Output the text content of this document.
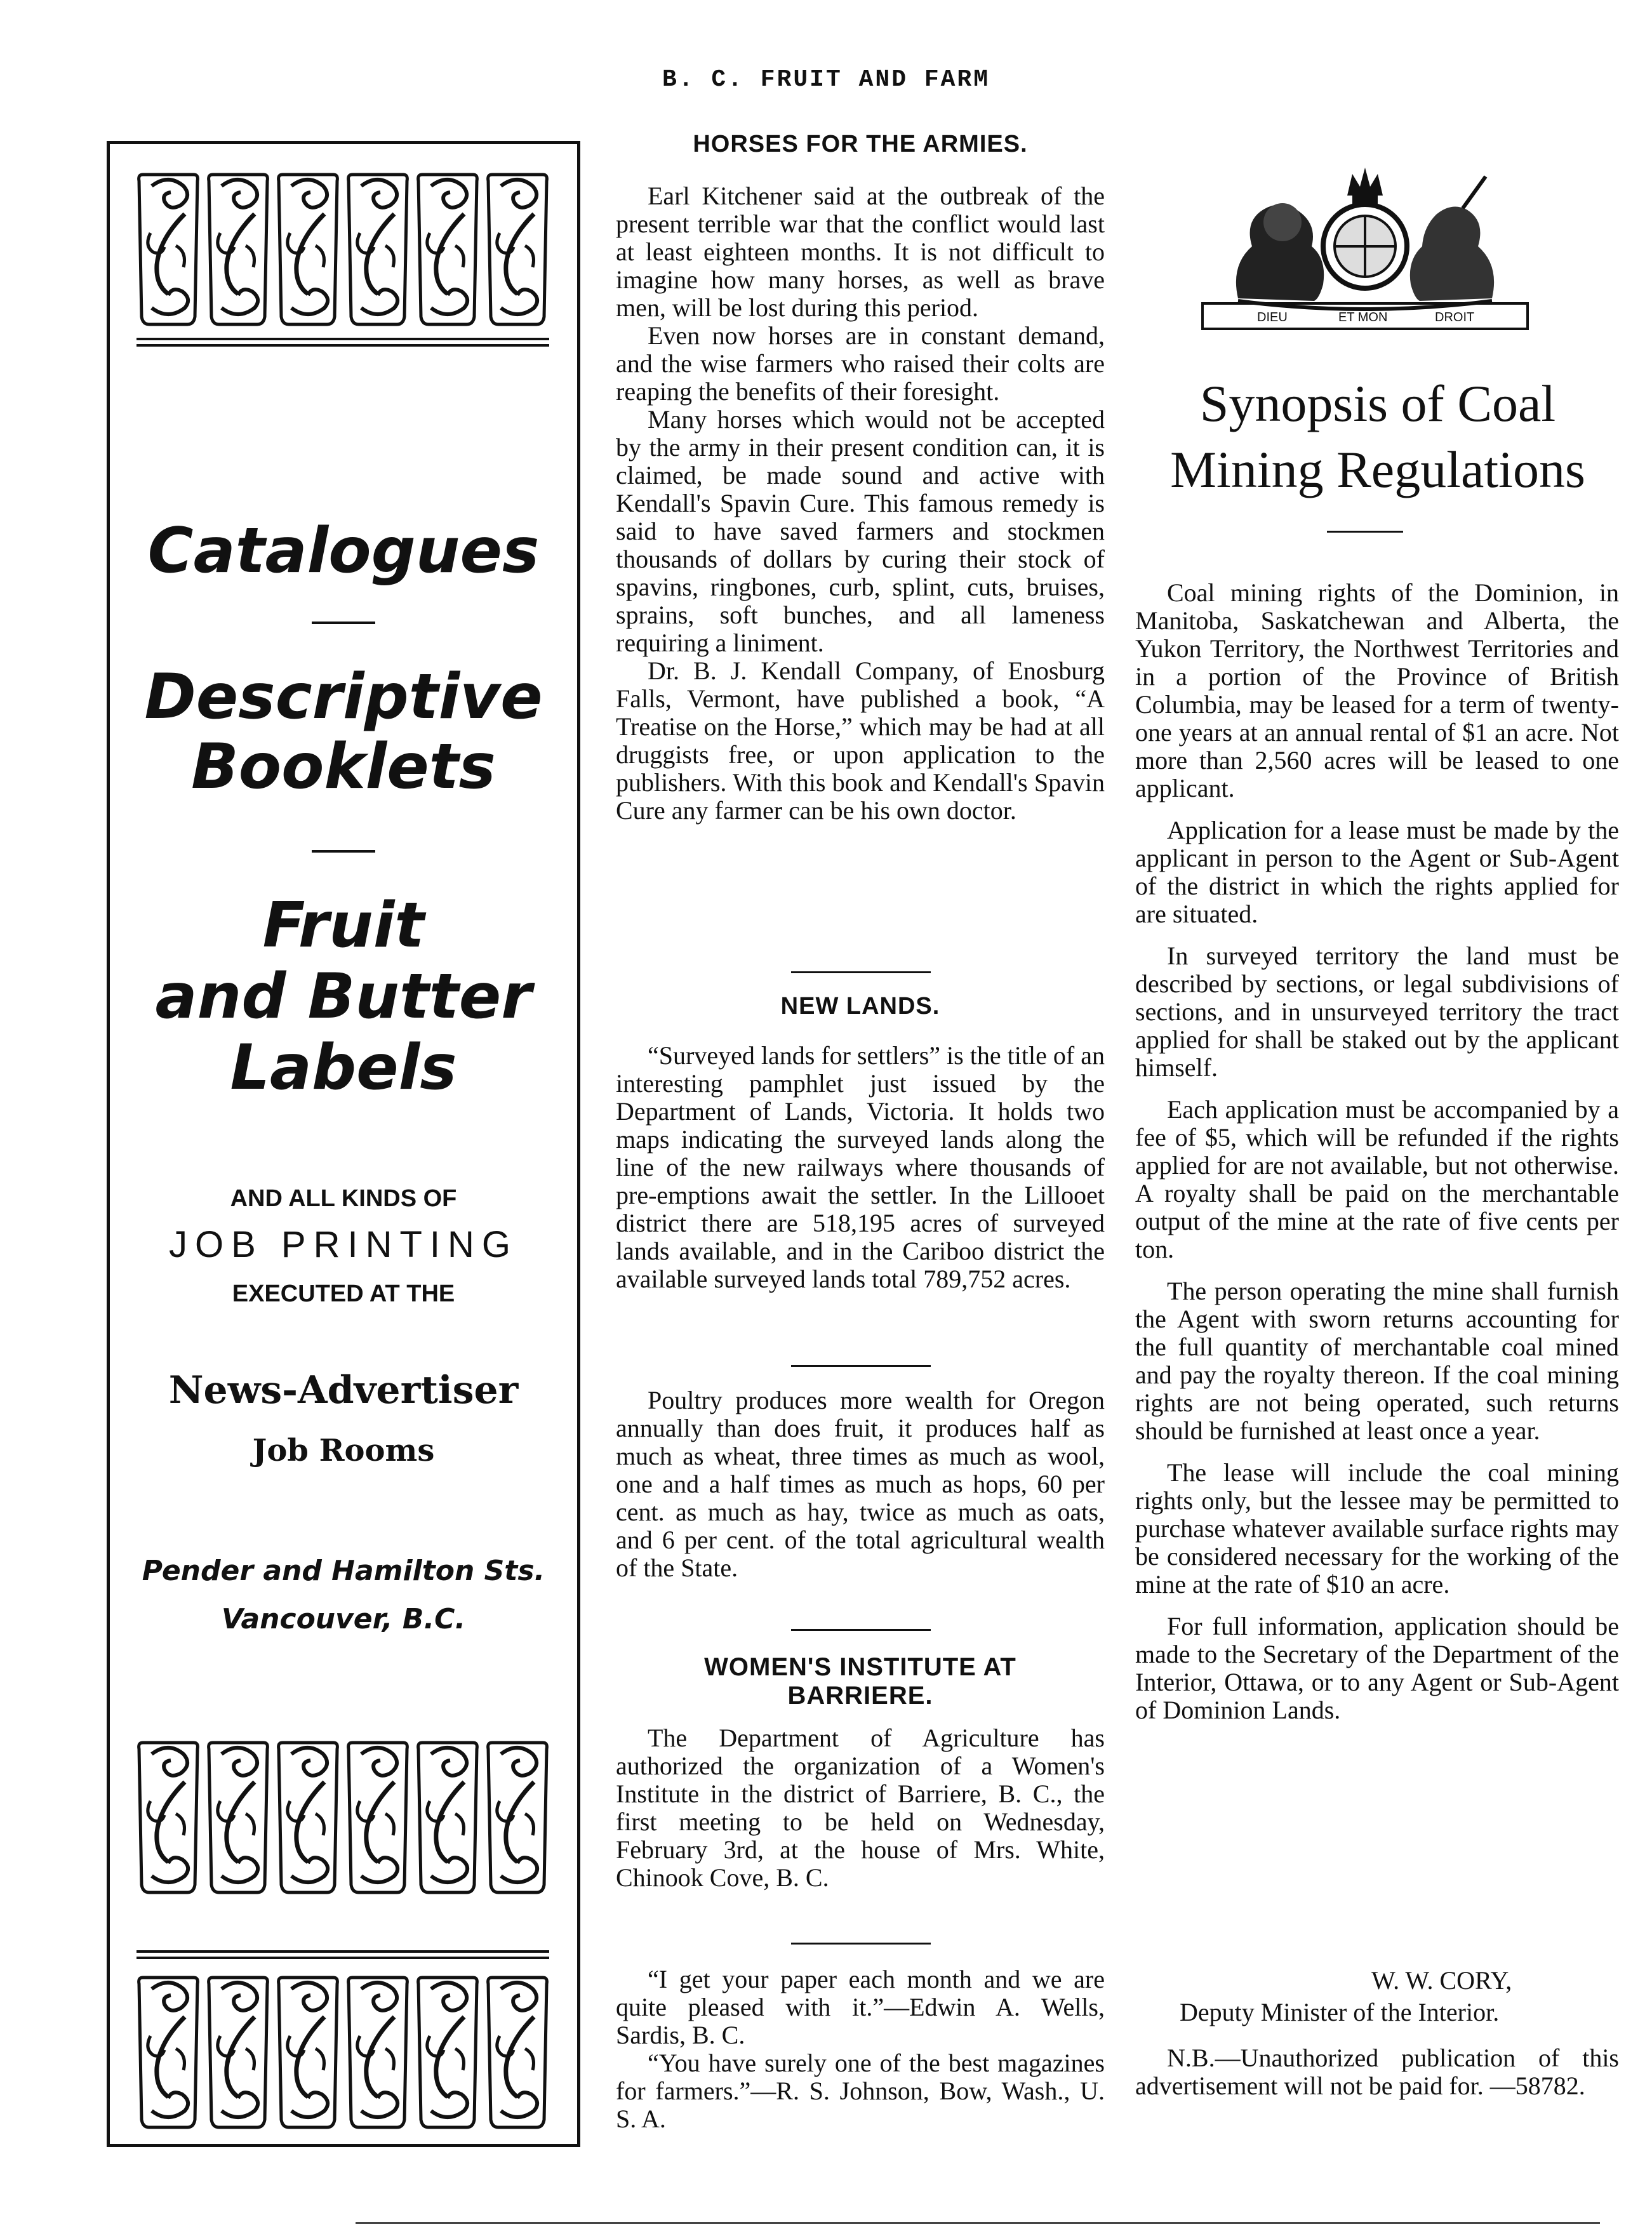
B. C. FRUIT AND FARM
Catalogues
Descriptive
Booklets
Fruit
and Butter
Labels
AND ALL KINDS OF
JOB PRINTING
EXECUTED AT THE
News-Advertiser
Job Rooms
Pender and Hamilton Sts.
Vancouver, B.C.
HORSES FOR THE ARMIES.

Earl Kitchener said at the outbreak of the present terrible war that the conflict would last at least eighteen months. It is not difficult to imagine how many horses, as well as brave men, will be lost during this period.

Even now horses are in constant demand, and the wise farmers who raised their colts are reaping the benefits of their foresight.

Many horses which would not be accepted by the army in their present condition can, it is claimed, be made sound and active with Kendall's Spavin Cure. This famous remedy is said to have saved farmers and stockmen thousands of dollars by curing their stock of spavins, ringbones, curb, splint, cuts, bruises, sprains, soft bunches, and all lameness requiring a liniment.

Dr. B. J. Kendall Company, of Enosburg Falls, Vermont, have published a book, “A Treatise on the Horse,” which may be had at all druggists free, or upon application to the publishers. With this book and Kendall's Spavin Cure any farmer can be his own doctor.

NEW LANDS.

“Surveyed lands for settlers” is the title of an interesting pamphlet just issued by the Department of Lands, Victoria. It holds two maps indicating the surveyed lands along the line of the new railways where thousands of pre-emptions await the settler. In the Lillooet district there are 518,195 acres of surveyed lands available, and in the Cariboo district the available surveyed lands total 789,752 acres.

Poultry produces more wealth for Oregon annually than does fruit, it produces half as much as wheat, three times as much as wool, one and a half times as much as hops, 60 per cent. as much as hay, twice as much as oats, and 6 per cent. of the total agricultural wealth of the State.

WOMEN'S INSTITUTE AT
BARRIERE.

The Department of Agriculture has authorized the organization of a Women's Institute in the district of Barriere, B. C., the first meeting to be held on Wednesday, February 3rd, at the house of Mrs. White, Chinook Cove, B. C.

“I get your paper each month and we are quite pleased with it.”—Edwin A. Wells, Sardis, B. C.

“You have surely one of the best magazines for farmers.”—R. S. Johnson, Bow, Wash., U. S. A.

DIEU	ET MON	DROIT
Synopsis of Coal
Mining Regulations

Coal mining rights of the Dominion, in Manitoba, Saskatchewan and Alberta, the Yukon Territory, the Northwest Territories and in a portion of the Province of British Columbia, may be leased for a term of twenty-one years at an annual rental of $1 an acre. Not more than 2,560 acres will be leased to one applicant.

Application for a lease must be made by the applicant in person to the Agent or Sub-Agent of the district in which the rights applied for are situated.

In surveyed territory the land must be described by sections, or legal subdivisions of sections, and in unsurveyed territory the tract applied for shall be staked out by the applicant himself.

Each application must be accompanied by a fee of $5, which will be refunded if the rights applied for are not available, but not otherwise. A royalty shall be paid on the merchantable output of the mine at the rate of five cents per ton.

The person operating the mine shall furnish the Agent with sworn returns accounting for the full quantity of merchantable coal mined and pay the royalty thereon. If the coal mining rights are not being operated, such returns should be furnished at least once a year.

The lease will include the coal mining rights only, but the lessee may be permitted to purchase whatever available surface rights may be considered necessary for the working of the mine at the rate of $10 an acre.

For full information, application should be made to the Secretary of the Department of the Interior, Ottawa, or to any Agent or Sub-Agent of Dominion Lands.

W. W. CORY,
Deputy Minister of the Interior.

N.B.—Unauthorized publication of this advertisement will not be paid for. —58782.
